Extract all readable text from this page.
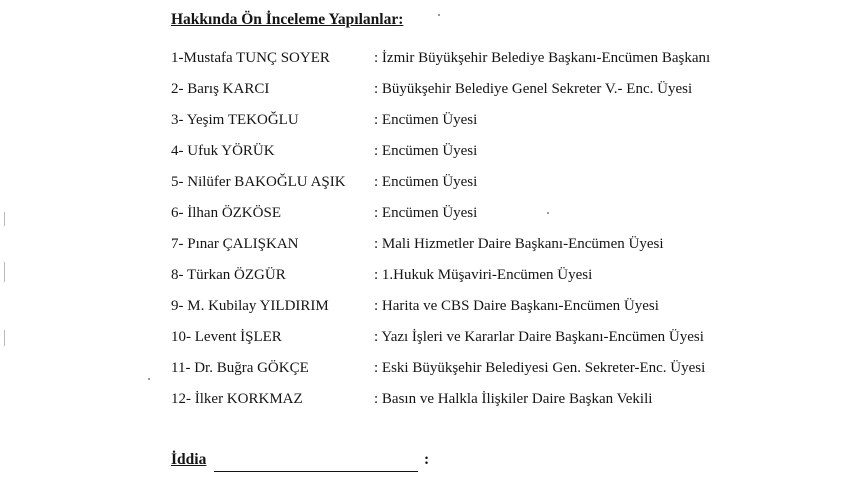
Hakkında Ön İnceleme Yapılanlar:
1-Mustafa TUNÇ SOYER	: İzmir Büyükşehir Belediye Başkanı-Encümen Başkanı
2- Barış KARCI	: Büyükşehir Belediye Genel Sekreter V.- Enc. Üyesi
3- Yeşim TEKOĞLU	: Encümen Üyesi
4- Ufuk YÖRÜK	: Encümen Üyesi
5- Nilüfer BAKOĞLU AŞIK : Encümen Üyesi
6- İlhan ÖZKÖSE	: Encümen Üyesi
7- Pınar ÇALIŞKAN	: Mali Hizmetler Daire Başkanı-Encümen Üyesi
8- Türkan ÖZGÜR	: 1.Hukuk Müşaviri-Encümen Üyesi
9- M. Kubilay YILDIRIM	: Harita ve CBS Daire Başkanı-Encümen Üyesi
10- Levent İŞLER	: Yazı İşleri ve Kararlar Daire Başkanı-Encümen Üyesi
11- Dr. Buğra GÖKÇE	: Eski Büyükşehir Belediyesi Gen. Sekreter-Enc. Üyesi
12- İlker KORKMAZ	: Basın ve Halkla İlişkiler Daire Başkan Vekili
İddia	:
